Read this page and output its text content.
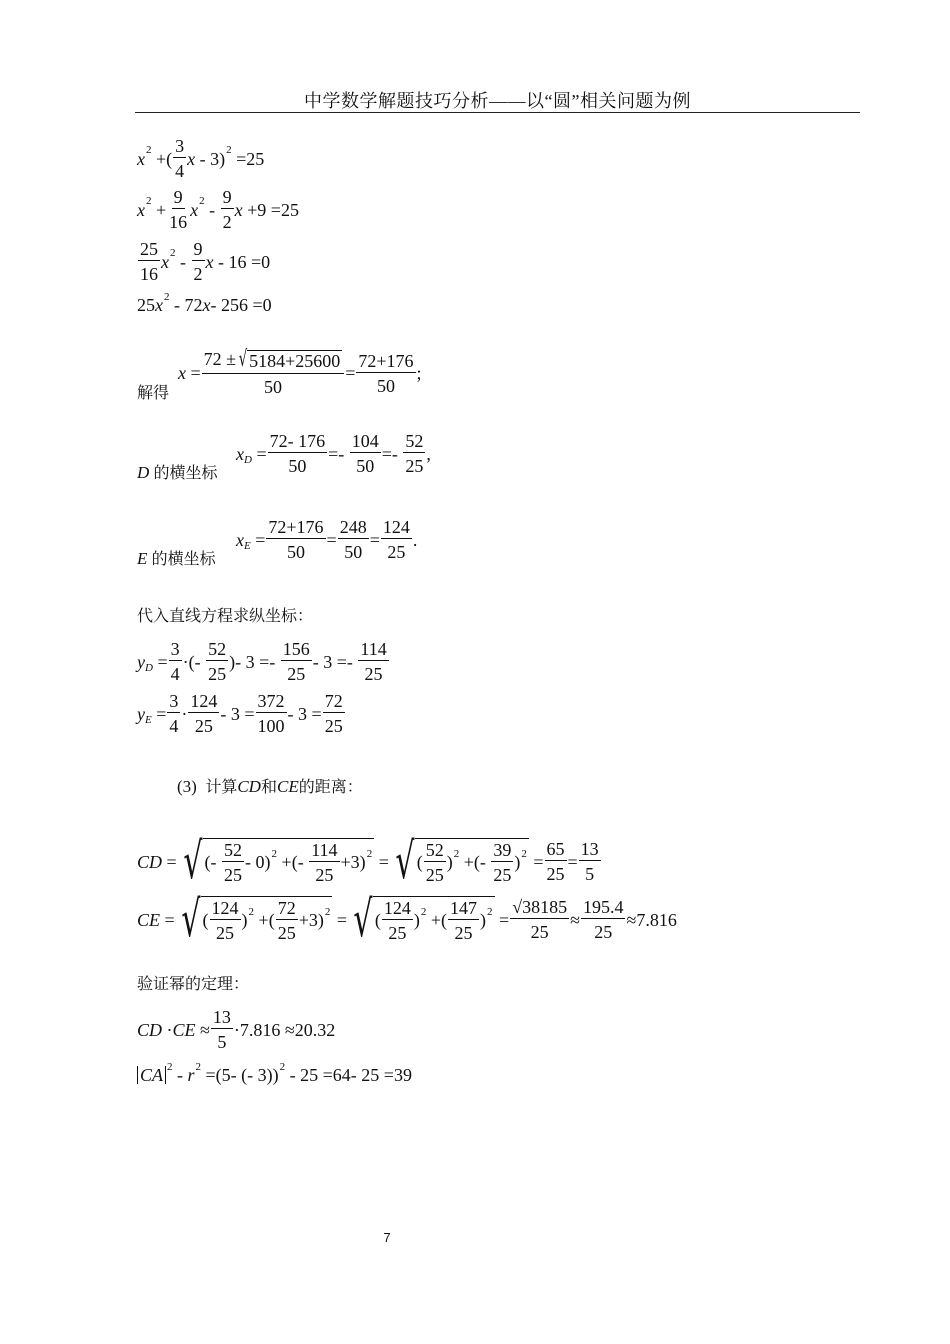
中学数学解题技巧分析——以“圆”相关问题为例
x 2 +(
3
4
x - 3) 2 =25
x 2 +
9
16
x 2 -
9
2
x +9 =25
25
16
x 2 -
9
2
x - 16 =0
25 x 2 - 72 x - 256 =0
解得
x =
72 ± √ 5184+25600
50
=
72+176
50
;
D 的横坐标
x D =
72- 176
50
=-
104
50
=-
52
25
,
E 的横坐标
x E =
72+176
50
=
248
50
=
124
25
.
代入直线方程求纵坐标：
y D =
3
4
·(-
52
25
)- 3 =-
156
25
- 3 =-
114
25
y E =
3
4
·
124
25
- 3 =
372
100
- 3 =
72
25
(3) 计算CD和CE的距离：
CD = √ (-
52
25
- 0) 2 +(-
114
25
+3) 2 = √ (
52
25
) 2 +(-
39
25
) 2 =
65
25
=
13
5
CE = √ (
124
25
) 2 +(
72
25
+3) 2 = √ (
124
25
) 2 +(
147
25
) 2 =
√38185
25
≈
195.4
25
≈7.816
验证幂的定理：
CD · CE ≈
13
5
·7.816 ≈20.32
CA 2 - r 2 =(5- (- 3)) 2 - 25 =64- 25 =39
7
